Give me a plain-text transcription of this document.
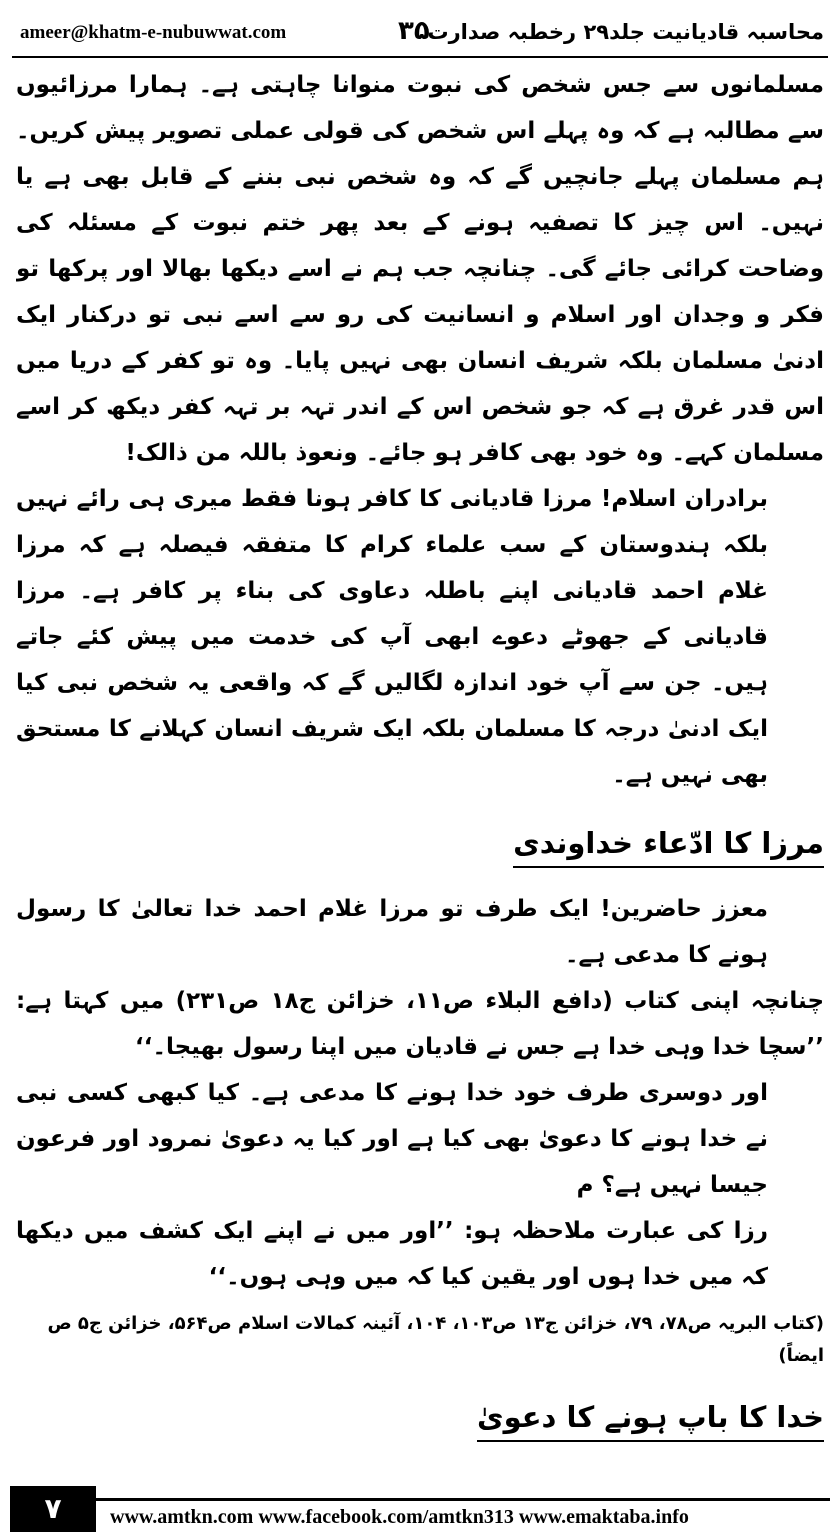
ameer@khatm-e-nubuwwat.com	۳۵
محاسبہ قادیانیت جلد۲۹ رخطبہ صدارت

مسلمانوں سے جس شخص کی نبوت منوانا چاہتی ہے۔ ہمارا مرزائیوں سے مطالبہ ہے کہ وہ پہلے اس شخص کی قولی عملی تصویر پیش کریں۔ ہم مسلمان پہلے جانچیں گے کہ وہ شخص نبی بننے کے قابل بھی ہے یا نہیں۔ اس چیز کا تصفیہ ہونے کے بعد پھر ختم نبوت کے مسئلہ کی وضاحت کرائی جائے گی۔ چنانچہ جب ہم نے اسے دیکھا بھالا اور پرکھا تو فکر و وجدان اور اسلام و انسانیت کی رو سے اسے نبی تو درکنار ایک ادنیٰ مسلمان بلکہ شریف انسان بھی نہیں پایا۔ وہ تو کفر کے دریا میں اس قدر غرق ہے کہ جو شخص اس کے اندر تہہ بر تہہ کفر دیکھ کر اسے مسلمان کہے۔ وہ خود بھی کافر ہو جائے۔ ونعوذ باللہ من ذالک!

برادران اسلام! مرزا قادیانی کا کافر ہونا فقط میری ہی رائے نہیں بلکہ ہندوستان کے سب علماء کرام کا متفقہ فیصلہ ہے کہ مرزا غلام احمد قادیانی اپنے باطلہ دعاوی کی بناء پر کافر ہے۔ مرزا قادیانی کے جھوٹے دعوے ابھی آپ کی خدمت میں پیش کئے جاتے ہیں۔ جن سے آپ خود اندازہ لگالیں گے کہ واقعی یہ شخص نبی کیا ایک ادنیٰ درجہ کا مسلمان بلکہ ایک شریف انسان کہلانے کا مستحق بھی نہیں ہے۔

مرزا کا ادّعاء خداوندی

معزز حاضرین! ایک طرف تو مرزا غلام احمد خدا تعالیٰ کا رسول ہونے کا مدعی ہے۔

چنانچہ اپنی کتاب (دافع البلاء ص۱۱، خزائن ج۱۸ ص۲۳۱) میں کہتا ہے: ’’سچا خدا وہی خدا ہے جس نے قادیان میں اپنا رسول بھیجا۔‘‘

اور دوسری طرف خود خدا ہونے کا مدعی ہے۔ کیا کبھی کسی نبی نے خدا ہونے کا دعویٰ بھی کیا ہے اور کیا یہ دعویٰ نمرود اور فرعون جیسا نہیں ہے؟ م

رزا کی عبارت ملاحظہ ہو: ’’اور میں نے اپنے ایک کشف میں دیکھا کہ میں خدا ہوں اور یقین کیا کہ میں وہی ہوں۔‘‘

(کتاب البریہ ص۷۸، ۷۹، خزائن ج۱۳ ص۱۰۳، ۱۰۴، آئینہ کمالات اسلام ص۵۶۴، خزائن ج۵ ص ایضاً)

خدا کا باپ ہونے کا دعویٰ

۷	www.amtkn.com www.facebook.com/amtkn313 www.emaktaba.info
